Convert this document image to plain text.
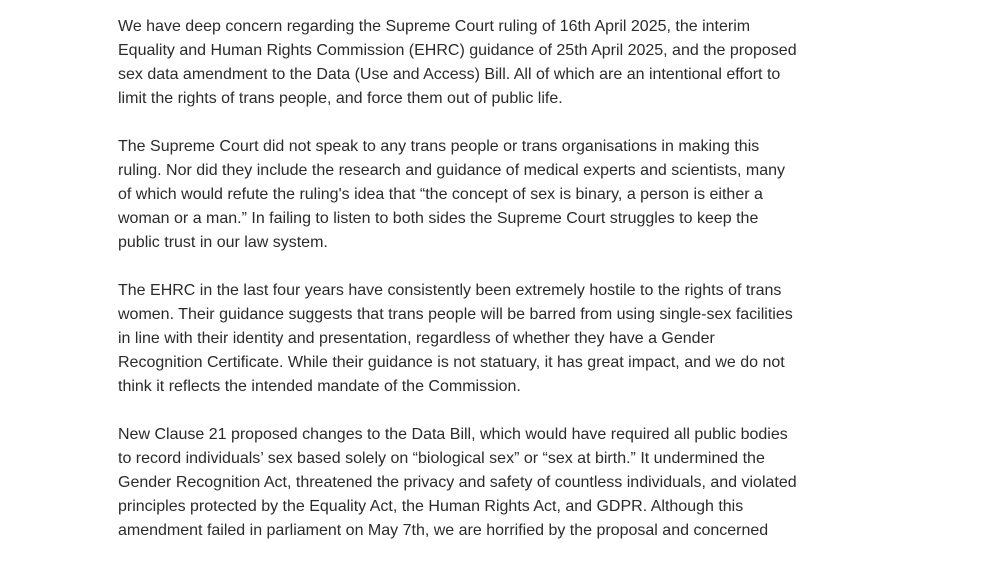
We have deep concern regarding the Supreme Court ruling of 16th April 2025, the interim
Equality and Human Rights Commission (EHRC) guidance of 25th April 2025, and the proposed
sex data amendment to the Data (Use and Access) Bill. All of which are an intentional effort to
limit the rights of trans people, and force them out of public life.

The Supreme Court did not speak to any trans people or trans organisations in making this
ruling. Nor did they include the research and guidance of medical experts and scientists, many
of which would refute the ruling's idea that “the concept of sex is binary, a person is either a
woman or a man.” In failing to listen to both sides the Supreme Court struggles to keep the
public trust in our law system.

The EHRC in the last four years have consistently been extremely hostile to the rights of trans
women. Their guidance suggests that trans people will be barred from using single-sex facilities
in line with their identity and presentation, regardless of whether they have a Gender
Recognition Certificate. While their guidance is not statuary, it has great impact, and we do not
think it reflects the intended mandate of the Commission.

New Clause 21 proposed changes to the Data Bill, which would have required all public bodies
to record individuals’ sex based solely on “biological sex” or “sex at birth.” It undermined the
Gender Recognition Act, threatened the privacy and safety of countless individuals, and violated
principles protected by the Equality Act, the Human Rights Act, and GDPR. Although this
amendment failed in parliament on May 7th, we are horrified by the proposal and concerned
